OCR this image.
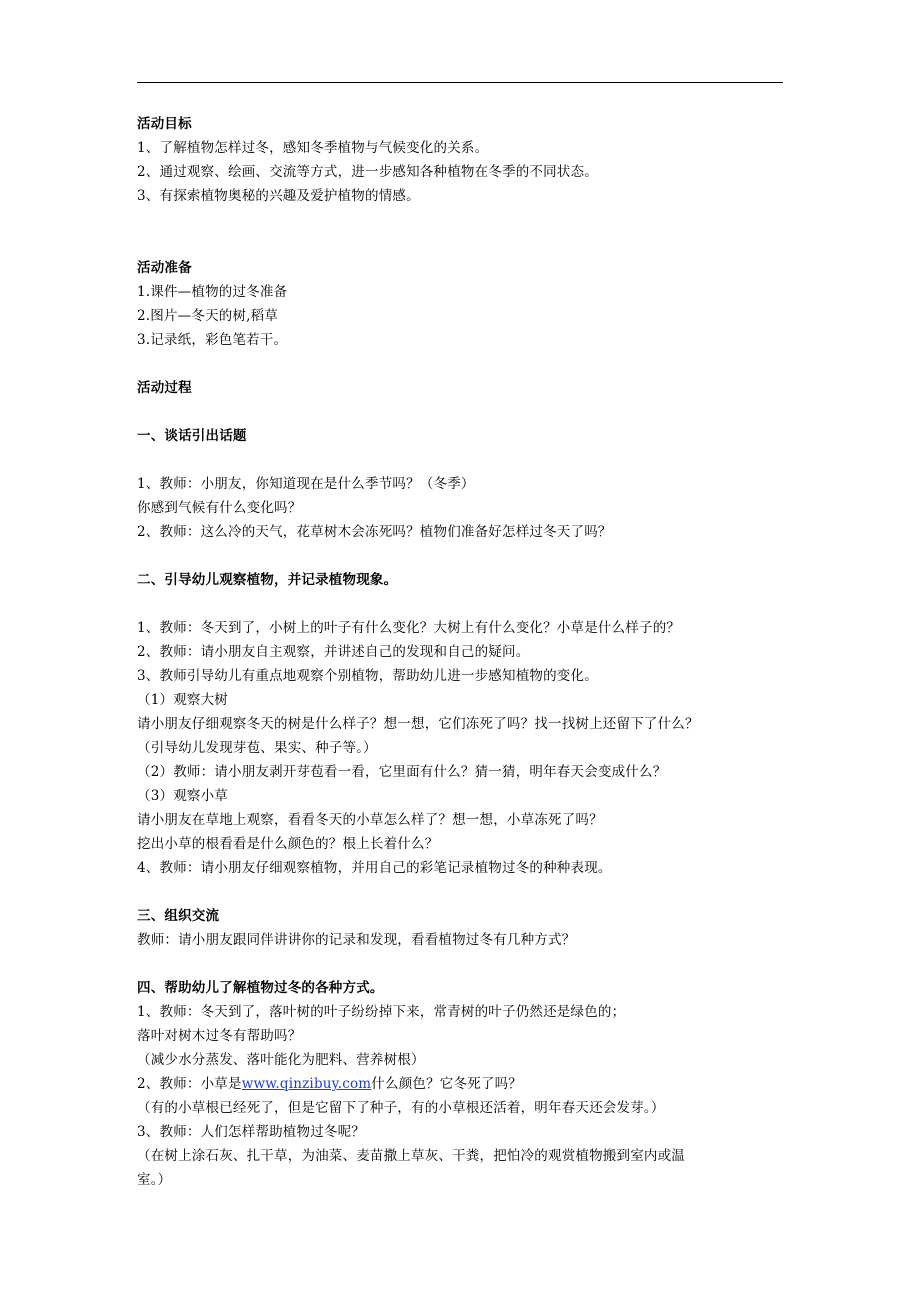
活动目标
1、了解植物怎样过冬，感知冬季植物与气候变化的关系。
2、通过观察、绘画、交流等方式，进一步感知各种植物在冬季的不同状态。
3、有探索植物奥秘的兴趣及爱护植物的情感。
活动准备
1.课件—植物的过冬准备
2.图片—冬天的树,稻草
3.记录纸，彩色笔若干。
活动过程
一、谈话引出话题
1、教师：小朋友，你知道现在是什么季节吗？（冬季）
你感到气候有什么变化吗？
2、教师：这么冷的天气，花草树木会冻死吗？植物们准备好怎样过冬天了吗？
二、引导幼儿观察植物，并记录植物现象。
1、教师：冬天到了，小树上的叶子有什么变化？大树上有什么变化？小草是什么样子的？
2、教师：请小朋友自主观察，并讲述自己的发现和自己的疑问。
3、教师引导幼儿有重点地观察个别植物，帮助幼儿进一步感知植物的变化。
（1）观察大树
请小朋友仔细观察冬天的树是什么样子？想一想，它们冻死了吗？找一找树上还留下了什么？
（引导幼儿发现芽苞、果实、种子等。）
（2）教师：请小朋友剥开芽苞看一看，它里面有什么？猜一猜，明年春天会变成什么？
（3）观察小草
请小朋友在草地上观察，看看冬天的小草怎么样了？想一想，小草冻死了吗？
挖出小草的根看看是什么颜色的？根上长着什么？
4、教师：请小朋友仔细观察植物，并用自己的彩笔记录植物过冬的种种表现。
三、组织交流
教师：请小朋友跟同伴讲讲你的记录和发现，看看植物过冬有几种方式？
四、帮助幼儿了解植物过冬的各种方式。
1、教师：冬天到了，落叶树的叶子纷纷掉下来，常青树的叶子仍然还是绿色的；
落叶对树木过冬有帮助吗？
（减少水分蒸发、落叶能化为肥料、营养树根）
2、教师：小草是www.qinzibuy.com什么颜色？它冬死了吗？
（有的小草根已经死了，但是它留下了种子，有的小草根还活着，明年春天还会发芽。）
3、教师：人们怎样帮助植物过冬呢？
（在树上涂石灰、扎干草，为油菜、麦苗撒上草灰、干粪，把怕冷的观赏植物搬到室内或温
室。）
